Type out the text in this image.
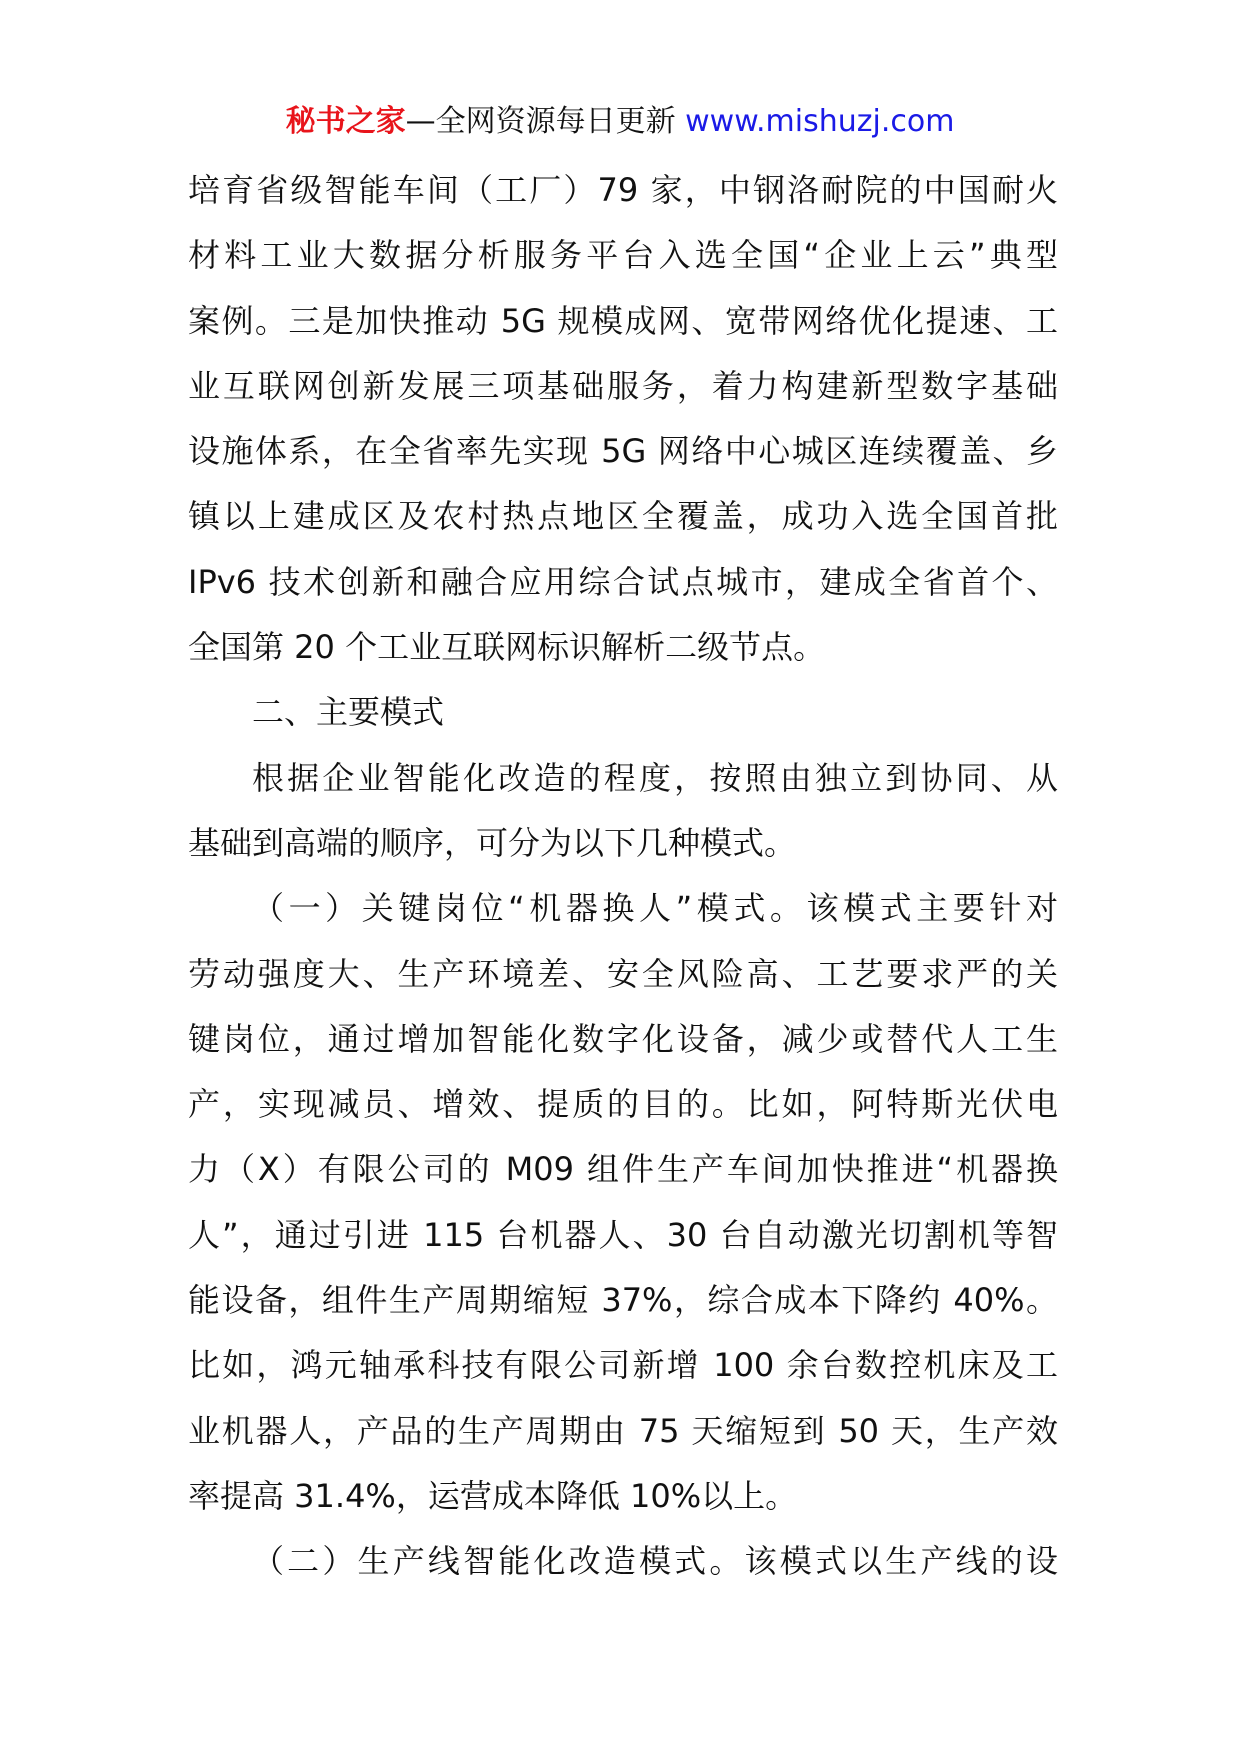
秘书之家—全网资源每日更新 www.mishuzj.com
培育省级智能车间（工厂）79 家，中钢洛耐院的中国耐火
材料工业大数据分析服务平台入选全国“企业上云”典型
案例。三是加快推动 5G 规模成网、宽带网络优化提速、工
业互联网创新发展三项基础服务，着力构建新型数字基础
设施体系，在全省率先实现 5G 网络中心城区连续覆盖、乡
镇以上建成区及农村热点地区全覆盖，成功入选全国首批
IPv6 技术创新和融合应用综合试点城市，建成全省首个、
全国第 20 个工业互联网标识解析二级节点。
二、主要模式
根据企业智能化改造的程度，按照由独立到协同、从
基础到高端的顺序，可分为以下几种模式。
（一）关键岗位“机器换人”模式。该模式主要针对
劳动强度大、生产环境差、安全风险高、工艺要求严的关
键岗位，通过增加智能化数字化设备，减少或替代人工生
产，实现减员、增效、提质的目的。比如，阿特斯光伏电
力（X）有限公司的 M09 组件生产车间加快推进“机器换
人”，通过引进 115 台机器人、30 台自动激光切割机等智
能设备，组件生产周期缩短 37%，综合成本下降约 40%。
比如，鸿元轴承科技有限公司新增 100 余台数控机床及工
业机器人，产品的生产周期由 75 天缩短到 50 天，生产效
率提高 31.4%，运营成本降低 10%以上。
（二）生产线智能化改造模式。该模式以生产线的设
